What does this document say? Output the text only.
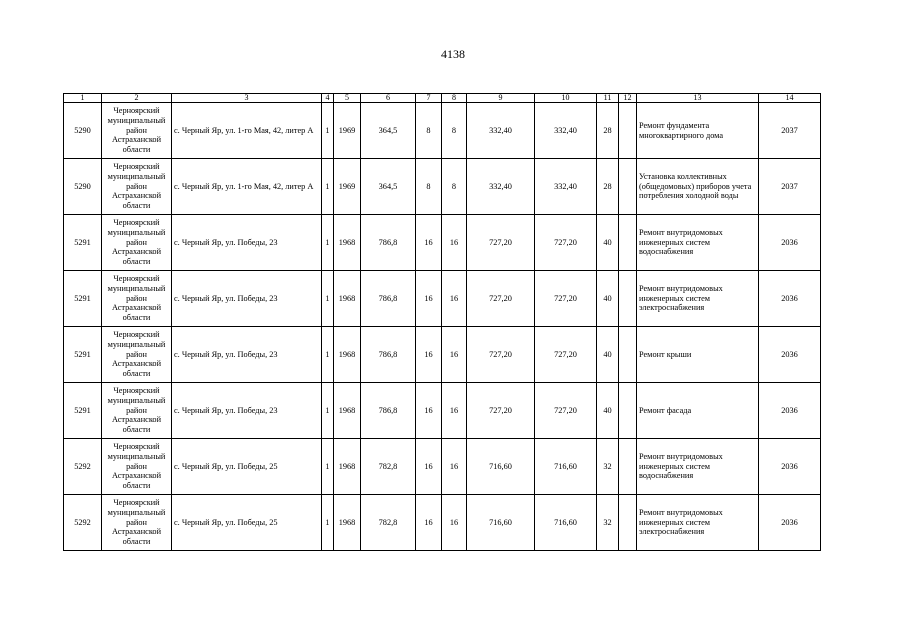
4138
1	2	3	4	5	6	7	8	9	10	11	12	13	14

5290	Черноярский муниципальный район Астраханской области	с. Черный Яр, ул. 1-го Мая, 42, литер А	1	1969	364,5	8	8	332,40	332,40	28		Ремонт фундамента многоквартирного дома	2037

5290	Черноярский муниципальный район Астраханской области	с. Черный Яр, ул. 1-го Мая, 42, литер А	1	1969	364,5	8	8	332,40	332,40	28		Установка коллективных (общедомовых) приборов учета потребления холодной воды	2037

5291	Черноярский муниципальный район Астраханской области	с. Черный Яр, ул. Победы, 23	1	1968	786,8	16	16	727,20	727,20	40		Ремонт внутридомовых инженерных систем водоснабжения	2036

5291	Черноярский муниципальный район Астраханской области	с. Черный Яр, ул. Победы, 23	1	1968	786,8	16	16	727,20	727,20	40		Ремонт внутридомовых инженерных систем электроснабжения	2036

5291	Черноярский муниципальный район Астраханской области	с. Черный Яр, ул. Победы, 23	1	1968	786,8	16	16	727,20	727,20	40		Ремонт крыши	2036

5291	Черноярский муниципальный район Астраханской области	с. Черный Яр, ул. Победы, 23	1	1968	786,8	16	16	727,20	727,20	40		Ремонт фасада	2036

5292	Черноярский муниципальный район Астраханской области	с. Черный Яр, ул. Победы, 25	1	1968	782,8	16	16	716,60	716,60	32		Ремонт внутридомовых инженерных систем водоснабжения	2036

5292	Черноярский муниципальный район Астраханской области	с. Черный Яр, ул. Победы, 25	1	1968	782,8	16	16	716,60	716,60	32		Ремонт внутридомовых инженерных систем электроснабжения	2036
